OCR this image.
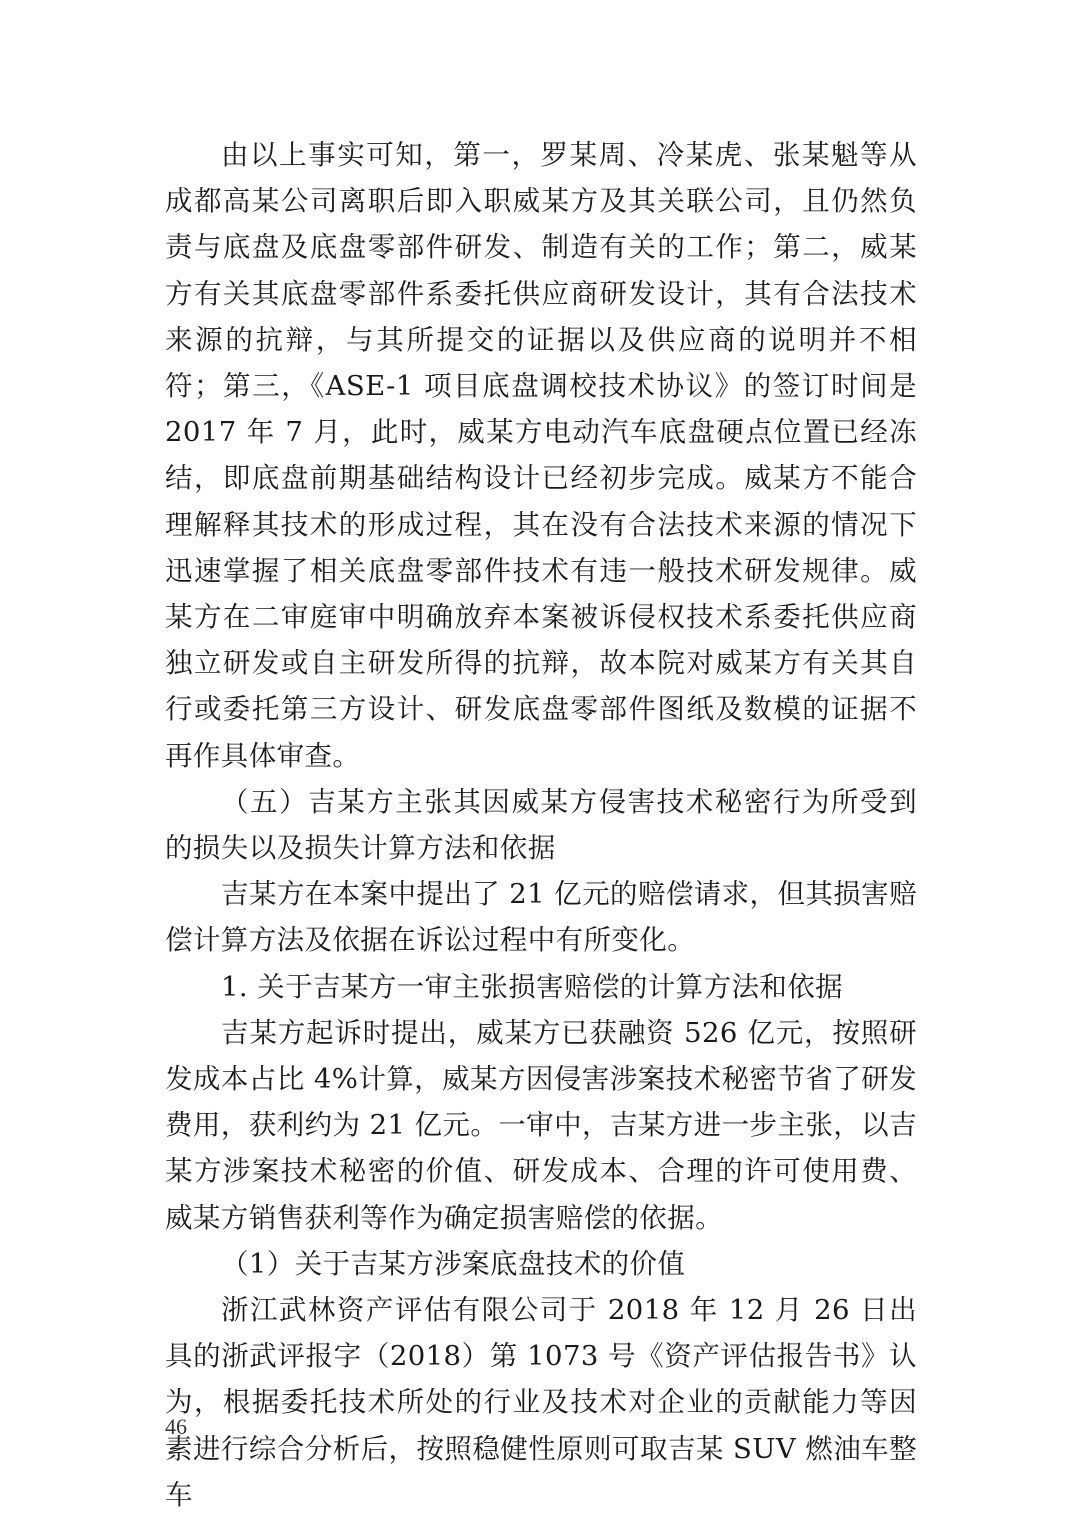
由以上事实可知，第一，罗某周、冷某虎、张某魁等从成都高某公司离职后即入职威某方及其关联公司，且仍然负责与底盘及底盘零部件研发、制造有关的工作；第二，威某方有关其底盘零部件系委托供应商研发设计，其有合法技术来源的抗辩，与其所提交的证据以及供应商的说明并不相符；第三，《ASE-1 项目底盘调校技术协议》的签订时间是 2017 年 7 月，此时，威某方电动汽车底盘硬点位置已经冻结，即底盘前期基础结构设计已经初步完成。威某方不能合理解释其技术的形成过程，其在没有合法技术来源的情况下迅速掌握了相关底盘零部件技术有违一般技术研发规律。威某方在二审庭审中明确放弃本案被诉侵权技术系委托供应商独立研发或自主研发所得的抗辩，故本院对威某方有关其自行或委托第三方设计、研发底盘零部件图纸及数模的证据不再作具体审查。

（五）吉某方主张其因威某方侵害技术秘密行为所受到的损失以及损失计算方法和依据

吉某方在本案中提出了 21 亿元的赔偿请求，但其损害赔偿计算方法及依据在诉讼过程中有所变化。

1. 关于吉某方一审主张损害赔偿的计算方法和依据

吉某方起诉时提出，威某方已获融资 526 亿元，按照研发成本占比 4%计算，威某方因侵害涉案技术秘密节省了研发费用，获利约为 21 亿元。一审中，吉某方进一步主张，以吉某方涉案技术秘密的价值、研发成本、合理的许可使用费、威某方销售获利等作为确定损害赔偿的依据。

（1）关于吉某方涉案底盘技术的价值

浙江武林资产评估有限公司于 2018 年 12 月 26 日出具的浙武评报字（2018）第 1073 号《资产评估报告书》认为，根据委托技术所处的行业及技术对企业的贡献能力等因素进行综合分析后，按照稳健性原则可取吉某 SUV 燃油车整车

46
